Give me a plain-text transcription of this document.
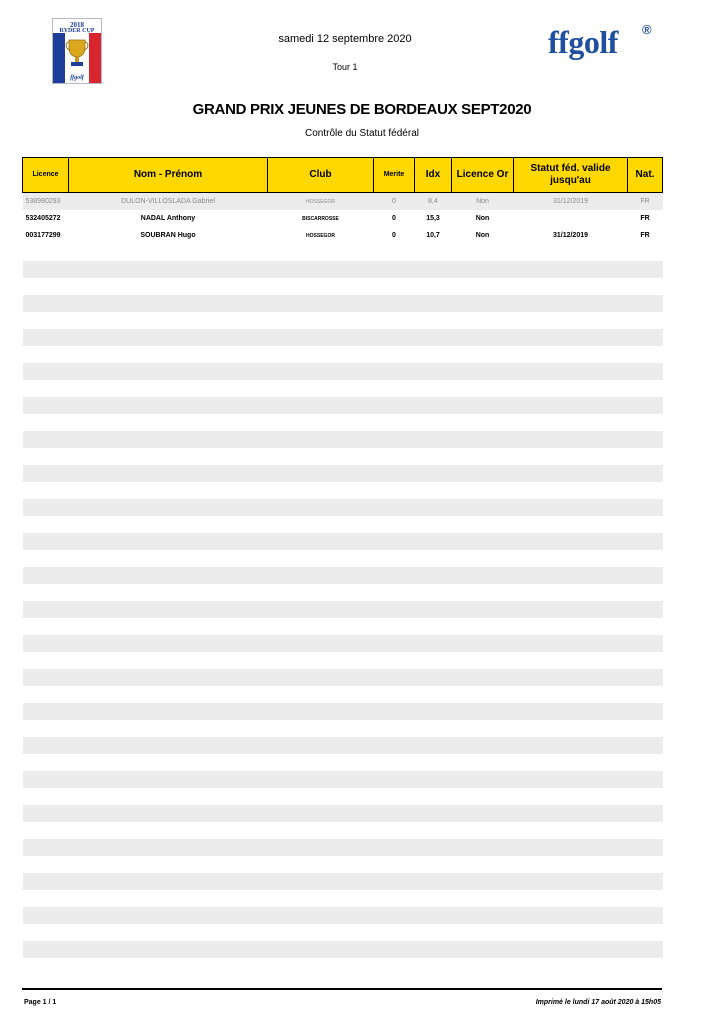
2018
RYDER CUP
ffgolf
samedi 12 septembre 2020
Tour 1
ffgolf ®
GRAND PRIX JEUNES DE BORDEAUX SEPT2020
Contrôle du Statut fédéral
Licence	Nom - Prénom	Club	Merite	Idx	Licence Or	Statut féd. valide jusqu'au	Nat.
538980293	DULON-VILLOSLADA Gabriel	HOSSEGOR	0	8,4	Non	31/12/2019	FR
532405272	NADAL Anthony	BISCARROSSE	0	15,3	Non		FR
003177299	SOUBRAN Hugo	HOSSEGOR	0	10,7	Non	31/12/2019	FR

Page 1 / 1	Imprimé le lundi 17 août 2020 à 15h05
